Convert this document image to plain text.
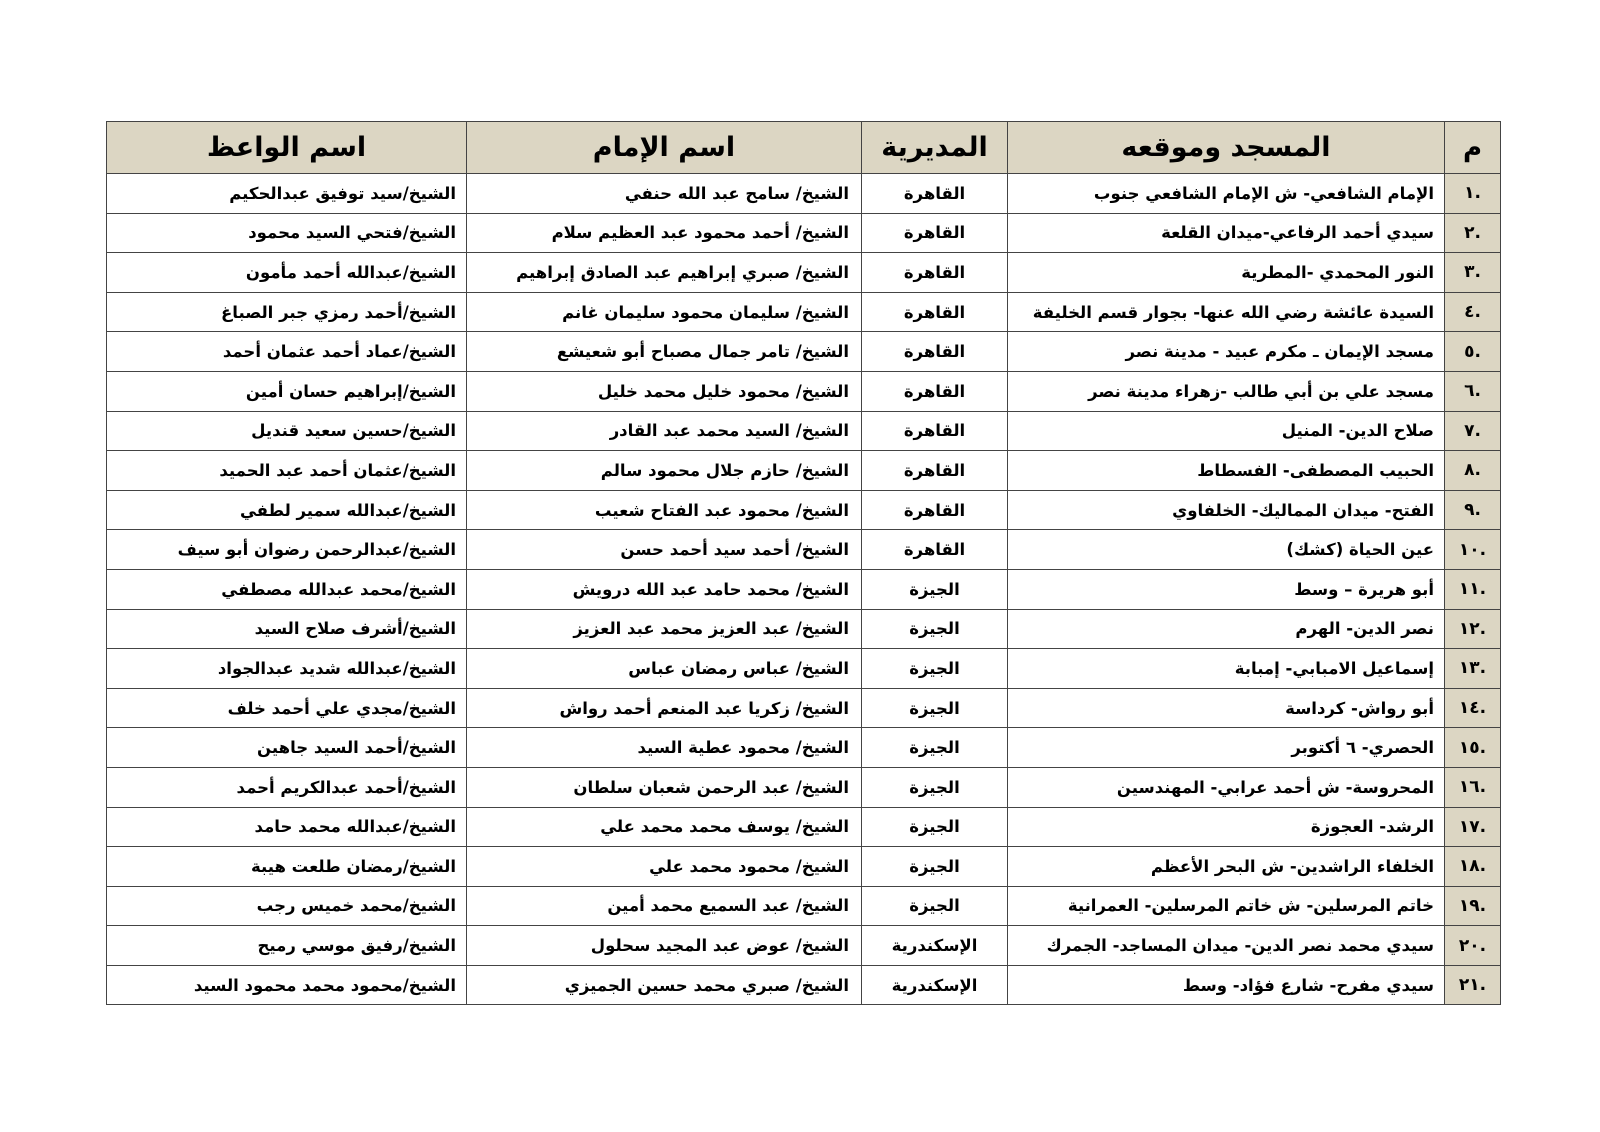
م	المسجد وموقعه	المديرية	اسم الإمام	اسم الواعظ
.١	الإمام الشافعي- ش الإمام الشافعي جنوب	القاهرة	الشيخ/ سامح عبد الله حنفي	الشيخ/سيد توفيق عبدالحكيم
.٢	سيدي أحمد الرفاعي-ميدان القلعة	القاهرة	الشيخ/ أحمد محمود عبد العظيم سلام	الشيخ/فتحي السيد محمود
.٣	النور المحمدي -المطرية	القاهرة	الشيخ/ صبري إبراهيم عبد الصادق إبراهيم	الشيخ/عبدالله أحمد مأمون
.٤	السيدة عائشة رضي الله عنها- بجوار قسم الخليفة	القاهرة	الشيخ/ سليمان محمود سليمان غانم	الشيخ/أحمد رمزي جبر الصباغ
.٥	مسجد الإيمان ـ مكرم عبيد - مدينة نصر	القاهرة	الشيخ/ تامر جمال مصباح أبو شعيشع	الشيخ/عماد أحمد عثمان أحمد
.٦	مسجد علي بن أبي طالب -زهراء مدينة نصر	القاهرة	الشيخ/ محمود خليل محمد خليل	الشيخ/إبراهيم حسان أمين
.٧	صلاح الدين- المنيل	القاهرة	الشيخ/ السيد محمد عبد القادر	الشيخ/حسين سعيد قنديل
.٨	الحبيب المصطفى- الفسطاط	القاهرة	الشيخ/ حازم جلال محمود سالم	الشيخ/عثمان أحمد عبد الحميد
.٩	الفتح- ميدان المماليك- الخلفاوي	القاهرة	الشيخ/ محمود عبد الفتاح شعيب	الشيخ/عبدالله سمير لطفي
.١٠	عين الحياة (كشك)	القاهرة	الشيخ/ أحمد سيد أحمد حسن	الشيخ/عبدالرحمن رضوان أبو سيف
.١١	أبو هريرة – وسط	الجيزة	الشيخ/ محمد حامد عبد الله درويش	الشيخ/محمد عبدالله مصطفي
.١٢	نصر الدين- الهرم	الجيزة	الشيخ/ عبد العزيز محمد عبد العزيز	الشيخ/أشرف صلاح السيد
.١٣	إسماعيل الامبابي- إمبابة	الجيزة	الشيخ/ عباس رمضان عباس	الشيخ/عبدالله شديد عبدالجواد
.١٤	أبو رواش- كرداسة	الجيزة	الشيخ/ زكريا عبد المنعم أحمد رواش	الشيخ/مجدي علي أحمد خلف
.١٥	الحصري- ٦ أكتوبر	الجيزة	الشيخ/ محمود عطية السيد	الشيخ/أحمد السيد جاهين
.١٦	المحروسة- ش أحمد عرابي- المهندسين	الجيزة	الشيخ/ عبد الرحمن شعبان سلطان	الشيخ/أحمد عبدالكريم أحمد
.١٧	الرشد- العجوزة	الجيزة	الشيخ/ يوسف محمد محمد علي	الشيخ/عبدالله محمد حامد
.١٨	الخلفاء الراشدين- ش البحر الأعظم	الجيزة	الشيخ/ محمود محمد علي	الشيخ/رمضان طلعت هيبة
.١٩	خاتم المرسلين- ش خاتم المرسلين- العمرانية	الجيزة	الشيخ/ عبد السميع محمد أمين	الشيخ/محمد خميس رجب
.٢٠	سيدي محمد نصر الدين- ميدان المساجد- الجمرك	الإسكندرية	الشيخ/ عوض عبد المجيد سحلول	الشيخ/رفيق موسي رميح
.٢١	سيدي مفرح- شارع فؤاد- وسط	الإسكندرية	الشيخ/ صبري محمد حسين الجميزي	الشيخ/محمود محمد محمود السيد
